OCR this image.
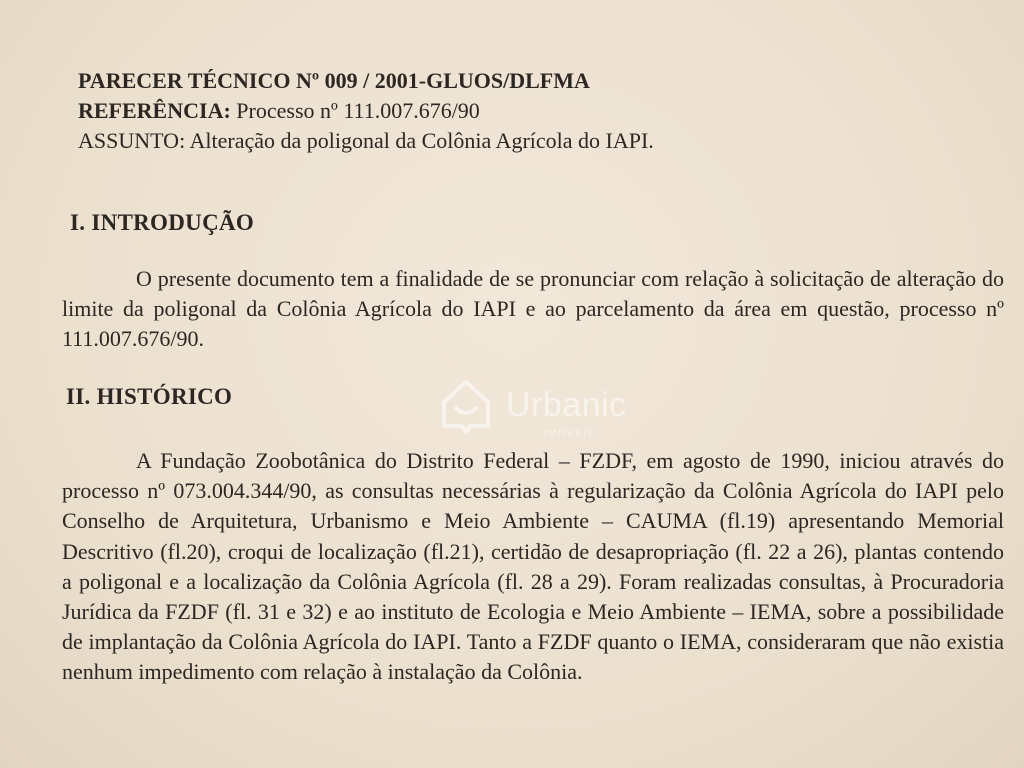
PARECER TÉCNICO Nº 009 / 2001-GLUOS/DLFMA
REFERÊNCIA: Processo nº 111.007.676/90
ASSUNTO: Alteração da poligonal da Colônia Agrícola do IAPI.
I. INTRODUÇÃO

O presente documento tem a finalidade de se pronunciar com relação à solicitação de alteração do limite da poligonal da Colônia Agrícola do IAPI e ao parcelamento da área em questão, processo nº 111.007.676/90.

II. HISTÓRICO

A Fundação Zoobotânica do Distrito Federal – FZDF, em agosto de 1990, iniciou através do processo nº 073.004.344/90, as consultas necessárias à regularização da Colônia Agrícola do IAPI pelo Conselho de Arquitetura, Urbanismo e Meio Ambiente – CAUMA (fl.19) apresentando Memorial Descritivo (fl.20), croqui de localização (fl.21), certidão de desapropriação (fl. 22 a 26), plantas contendo a poligonal e a localização da Colônia Agrícola (fl. 28 a 29). Foram realizadas consultas, à Procuradoria Jurídica da FZDF (fl. 31 e 32) e ao instituto de Ecologia e Meio Ambiente – IEMA, sobre a possibilidade de implantação da Colônia Agrícola do IAPI. Tanto a FZDF quanto o IEMA, consideraram que não existia nenhum impedimento com relação à instalação da Colônia.

Urbanic
IMÓVEIS
